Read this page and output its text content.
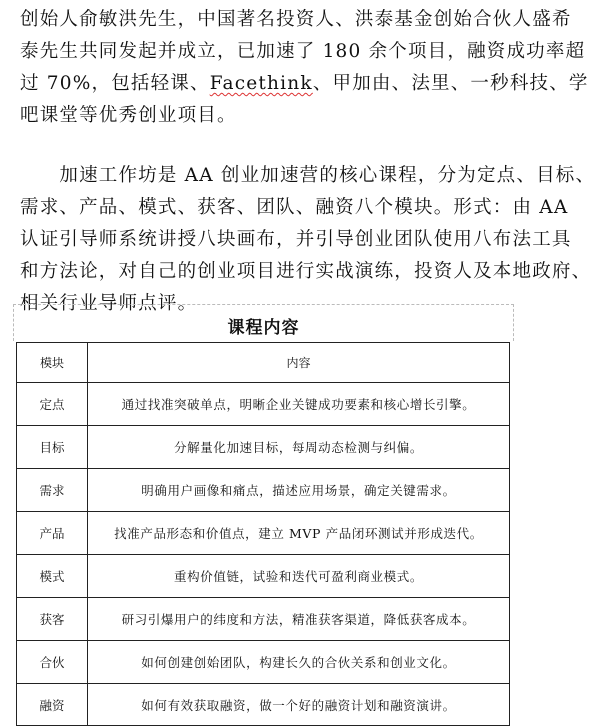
创始人俞敏洪先生，中国著名投资人、洪泰基金创始合伙人盛希
泰先生共同发起并成立，已加速了 180 余个项目，融资成功率超
过 70%，包括轻课、Facethink、甲加由、法里、一秒科技、学
吧课堂等优秀创业项目。
　　加速工作坊是 AA 创业加速营的核心课程，分为定点、目标、
需求、产品、模式、获客、团队、融资八个模块。形式：由 AA
认证引导师系统讲授八块画布，并引导创业团队使用八布法工具
和方法论，对自己的创业项目进行实战演练，投资人及本地政府、
相关行业导师点评。
课程内容
模块	内容
定点	通过找准突破单点，明晰企业关键成功要素和核心增长引擎。
目标	分解量化加速目标，每周动态检测与纠偏。
需求	明确用户画像和痛点，描述应用场景，确定关键需求。
产品	找准产品形态和价值点，建立 MVP 产品闭环测试并形成迭代。
模式	重构价值链，试验和迭代可盈利商业模式。
获客	研习引爆用户的纬度和方法，精准获客渠道，降低获客成本。
合伙	如何创建创始团队，构建长久的合伙关系和创业文化。
融资	如何有效获取融资，做一个好的融资计划和融资演讲。
